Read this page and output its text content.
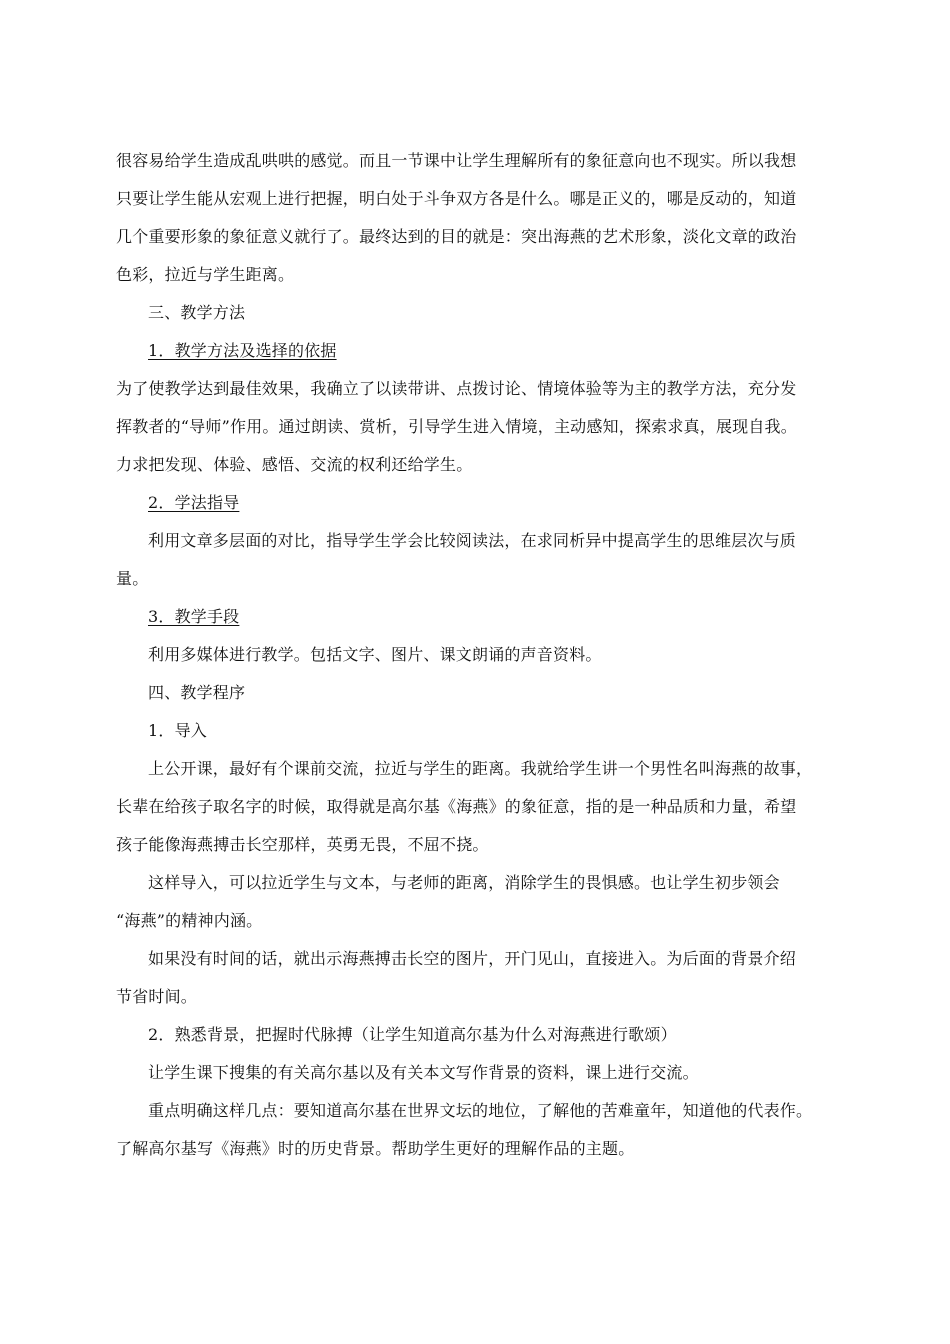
很容易给学生造成乱哄哄的感觉。而且一节课中让学生理解所有的象征意向也不现实。所以我想
只要让学生能从宏观上进行把握，明白处于斗争双方各是什么。哪是正义的，哪是反动的，知道
几个重要形象的象征意义就行了。最终达到的目的就是：突出海燕的艺术形象，淡化文章的政治
色彩，拉近与学生距离。
三、教学方法
1．教学方法及选择的依据
为了使教学达到最佳效果，我确立了以读带讲、点拨讨论、情境体验等为主的教学方法，充分发
挥教者的“导师”作用。通过朗读、赏析，引导学生进入情境，主动感知，探索求真，展现自我。
力求把发现、体验、感悟、交流的权利还给学生。
2．学法指导
利用文章多层面的对比，指导学生学会比较阅读法，在求同析异中提高学生的思维层次与质
量。
3．教学手段
利用多媒体进行教学。包括文字、图片、课文朗诵的声音资料。
四、教学程序
1．导入
上公开课，最好有个课前交流，拉近与学生的距离。我就给学生讲一个男性名叫海燕的故事，
长辈在给孩子取名字的时候，取得就是高尔基《海燕》的象征意，指的是一种品质和力量，希望
孩子能像海燕搏击长空那样，英勇无畏，不屈不挠。
这样导入，可以拉近学生与文本，与老师的距离，消除学生的畏惧感。也让学生初步领会
“海燕”的精神内涵。
如果没有时间的话，就出示海燕搏击长空的图片，开门见山，直接进入。为后面的背景介绍
节省时间。
2．熟悉背景，把握时代脉搏（让学生知道高尔基为什么对海燕进行歌颂）
让学生课下搜集的有关高尔基以及有关本文写作背景的资料，课上进行交流。
重点明确这样几点：要知道高尔基在世界文坛的地位，了解他的苦难童年，知道他的代表作。
了解高尔基写《海燕》时的历史背景。帮助学生更好的理解作品的主题。
